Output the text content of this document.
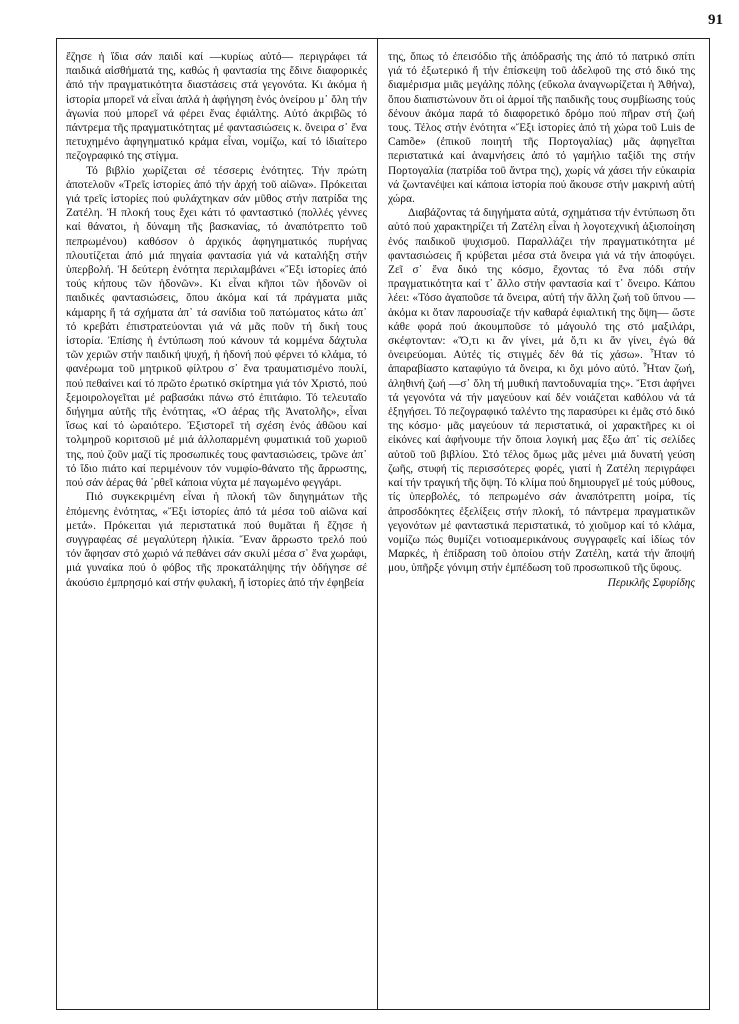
91

ἔζησε ἡ ἴδια σάν παιδί καί —κυρίως αὐτό— περιγράφει τά παιδικά αἰσθήματά της, καθώς ἡ φαντασία της ἔδινε διαφορικές ἀπό τήν πραγματικότητα διαστάσεις στά γεγονότα. Κι ἀκόμα ἡ ἱστορία μπορεῖ νά εἶναι ἁπλά ἡ ἀφήγηση ἑνός ὀνείρου μ᾿ ὅλη τήν ἀγωνία πού μπορεῖ νά φέρει ἕνας ἐφιάλτης. Αὐτό ἀκριβῶς τό πάντρεμα τῆς πραγματικότητας μέ φαντασιώσεις κ. ὄνειρα σ᾿ ἕνα πετυχημένο ἀφηγηματικό κράμα εἶναι, νομίζω, καί τό ἰδιαίτερο πεζογραφικό της στίγμα.

Τό βιβλίο χωρίζεται σέ τέσσερις ἑνότητες. Τήν πρώτη ἀποτελοῦν «Τρεῖς ἱστορίες ἀπό τήν ἀρχή τοῦ αἰῶνα». Πρόκειται γιά τρεῖς ἱστορίες πού φυλάχτηκαν σάν μῦθος στήν πατρίδα της Ζατέλη. Ἡ πλοκή τους ἔχει κάτι τό φανταστικό (πολλές γέννες καί θάνατοι, ἡ δύναμη τῆς βασκανίας, τό ἀναπότρεπτο τοῦ πεπρωμένου) καθόσον ὁ ἀρχικός ἀφηγηματικός πυρήνας πλουτίζεται ἀπό μιά πηγαία φαντασία γιά νά καταλήξη στήν ὑπερβολή. Ἡ δεύτερη ἑνότητα περιλαμβάνει «Ἔξι ἱστορίες ἀπό τούς κήπους τῶν ἡδονῶν». Κι εἶναι κῆποι τῶν ἡδονῶν οἱ παιδικές φαντασιώσεις, ὅπου ἀκόμα καί τά πράγματα μιᾶς κάμαρης ἤ τά σχήματα ἀπ᾿ τά σανίδια τοῦ πατώματος κάτω ἀπ᾿ τό κρεβάτι ἐπιστρατεύονται γιά νά μᾶς ποῦν τή δική τους ἱστορία. Ἐπίσης ἡ ἐντύπωση πού κάνουν τά κομμένα δάχτυλα τῶν χεριῶν στήν παιδική ψυχή, ἡ ἡδονή πού φέρνει τό κλάμα, τό φανέρωμα τοῦ μητρικοῦ φίλτρου σ᾿ ἕνα τραυματισμένο πουλί, πού πεθαίνει καί τό πρῶτο ἐρωτικό σκίρτημα γιά τόν Χριστό, πού ξεμοιρολογεῖται μέ ραβασάκι πάνω στό ἐπιτάφιο. Τό τελευταῖο διήγημα αὐτῆς τῆς ἑνότητας, «Ὁ ἀέρας τῆς Ἀνατολῆς», εἶναι ἴσως καί τό ὡραιότερο. Ἐξιστορεῖ τή σχέση ἑνός ἀθῶου καί τολμηροῦ κοριτσιοῦ μέ μιά ἀλλοπαρμένη φυματικιά τοῦ χωριοῦ της, πού ζοῦν μαζί τίς προσωπικές τους φαντασιώσεις, τρῶνε ἀπ᾿ τό ἴδιο πιάτο καί περιμένουν τόν νυμφίο-θάνατο τῆς ἄρρωστης, πού σάν ἀέρας θά ᾿ρθεῖ κάποια νύχτα μέ παγωμένο φεγγάρι.

Πιό συγκεκριμένη εἶναι ἡ πλοκή τῶν διηγημάτων τῆς ἑπόμενης ἑνότητας, «Ἔξι ἱστορίες ἀπό τά μέσα τοῦ αἰῶνα καί μετά». Πρόκειται γιά περιστατικά πού θυμᾶται ἤ ἔζησε ἡ συγγραφέας σέ μεγαλύτερη ἡλικία. Ἕναν ἄρρωστο τρελό πού τόν ἄφησαν στό χωριό νά πεθάνει σάν σκυλί μέσα σ᾿ ἕνα χωράφι, μιά γυναίκα πού ὁ φόβος τῆς προκατάληψης τήν ὁδήγησε σέ ἀκούσιο ἐμπρησμό καί στήν φυλακή, ἤ ἱστορίες ἀπό τήν ἐφηβεία

της, ὅπως τό ἐπεισόδιο τῆς ἀπόδρασής της ἀπό τό πατρικό σπίτι γιά τό ἐξωτερικό ἤ τήν ἐπίσκεψη τοῦ ἀδελφοῦ της στό δικό της διαμέρισμα μιᾶς μεγάλης πόλης (εὔκολα ἀναγνωρίζεται ἡ Ἀθήνα), ὅπου διαπιστώνουν ὅτι οἱ ἁρμοί τῆς παιδικῆς τους συμβίωσης τούς δένουν ἀκόμα παρά τό διαφορετικό δρόμο πού πῆραν στή ζωή τους. Τέλος στήν ἑνότητα «Ἔξι ἱστορίες ἀπό τή χώρα τοῦ Luis de Camõe» (ἐπικοῦ ποιητή τῆς Πορτογαλίας) μᾶς ἀφηγεῖται περιστατικά καί ἀναμνήσεις ἀπό τό γαμήλιο ταξίδι της στήν Πορτογαλία (πατρίδα τοῦ ἄντρα της), χωρίς νά χάσει τήν εὐκαιρία νά ζωντανέψει καί κάποια ἱστορία πού ἄκουσε στήν μακρινή αὐτή χώρα.

Διαβάζοντας τά διηγήματα αὐτά, σχημάτισα τήν ἐντύπωση ὅτι αὐτό πού χαρακτηρίζει τή Ζατέλη εἶναι ἡ λογοτεχνική ἀξιοποίηση ἑνός παιδικοῦ ψυχισμοῦ. Παραλλάζει τήν πραγματικότητα μέ φαντασιώσεις ἤ κρύβεται μέσα στά ὄνειρα γιά νά τήν ἀποφύγει. Ζεῖ σ᾿ ἕνα δικό της κόσμο, ἔχοντας τό ἕνα πόδι στήν πραγματικότητα καί τ᾿ ἄλλο στήν φαντασία καί τ᾿ ὄνειρο. Κάπου λέει: «Τόσο ἀγαποῦσε τά ὄνειρα, αὐτή τήν ἄλλη ζωή τοῦ ὕπνου —ἀκόμα κι ὅταν παρουσίαζε τήν καθαρά ἐφιαλτική της ὄψη— ὥστε κάθε φορά πού ἀκουμποῦσε τό μάγουλό της στό μαξιλάρι, σκέφτονταν: «Ὅ,τι κι ἄν γίνει, μά ὅ,τι κι ἄν γίνει, ἐγώ θά ὀνειρεύομαι. Αὐτές τίς στιγμές δέν θά τίς χάσω». Ἦταν τό ἀπαραβίαστο καταφύγιο τά ὄνειρα, κι ὄχι μόνο αὐτό. Ἦταν ζωή, ἀληθινή ζωή —σ᾿ ὅλη τή μυθική παντοδυναμία της». Ἔτσι ἀφήνει τά γεγονότα νά τήν μαγεύουν καί δέν νοιάζεται καθόλου νά τά ἐξηγήσει. Τό πεζογραφικό ταλέντο της παρασύρει κι ἐμᾶς στό δικό της κόσμο· μᾶς μαγεύουν τά περιστατικά, οἱ χαρακτῆρες κι οἱ εἰκόνες καί ἀφήνουμε τήν ὅποια λογική μας ἔξω ἀπ᾿ τίς σελίδες αὐτοῦ τοῦ βιβλίου. Στό τέλος ὅμως μᾶς μένει μιά δυνατή γεύση ζωῆς, στυφή τίς περισσότερες φορές, γιατί ἡ Ζατέλη περιγράφει καί τήν τραγική τῆς ὄψη. Τό κλίμα πού δημιουργεῖ μέ τούς μύθους, τίς ὑπερβολές, τό πεπρωμένο σάν ἀναπότρεπτη μοίρα, τίς ἀπροσδόκητες ἐξελίξεις στήν πλοκή, τό πάντρεμα πραγματικῶν γεγονότων μέ φανταστικά περιστατικά, τό χιοῦμορ καί τό κλάμα, νομίζω πώς θυμίζει νοτιοαμερικάνους συγγραφεῖς καί ἰδίως τόν Μαρκές, ἡ ἐπίδραση τοῦ ὁποίου στήν Ζατέλη, κατά τήν ἄποψή μου, ὑπῆρξε γόνιμη στήν ἐμπέδωση τοῦ προσωπικοῦ τῆς ὕφους.

Περικλῆς Σφυρίδης
